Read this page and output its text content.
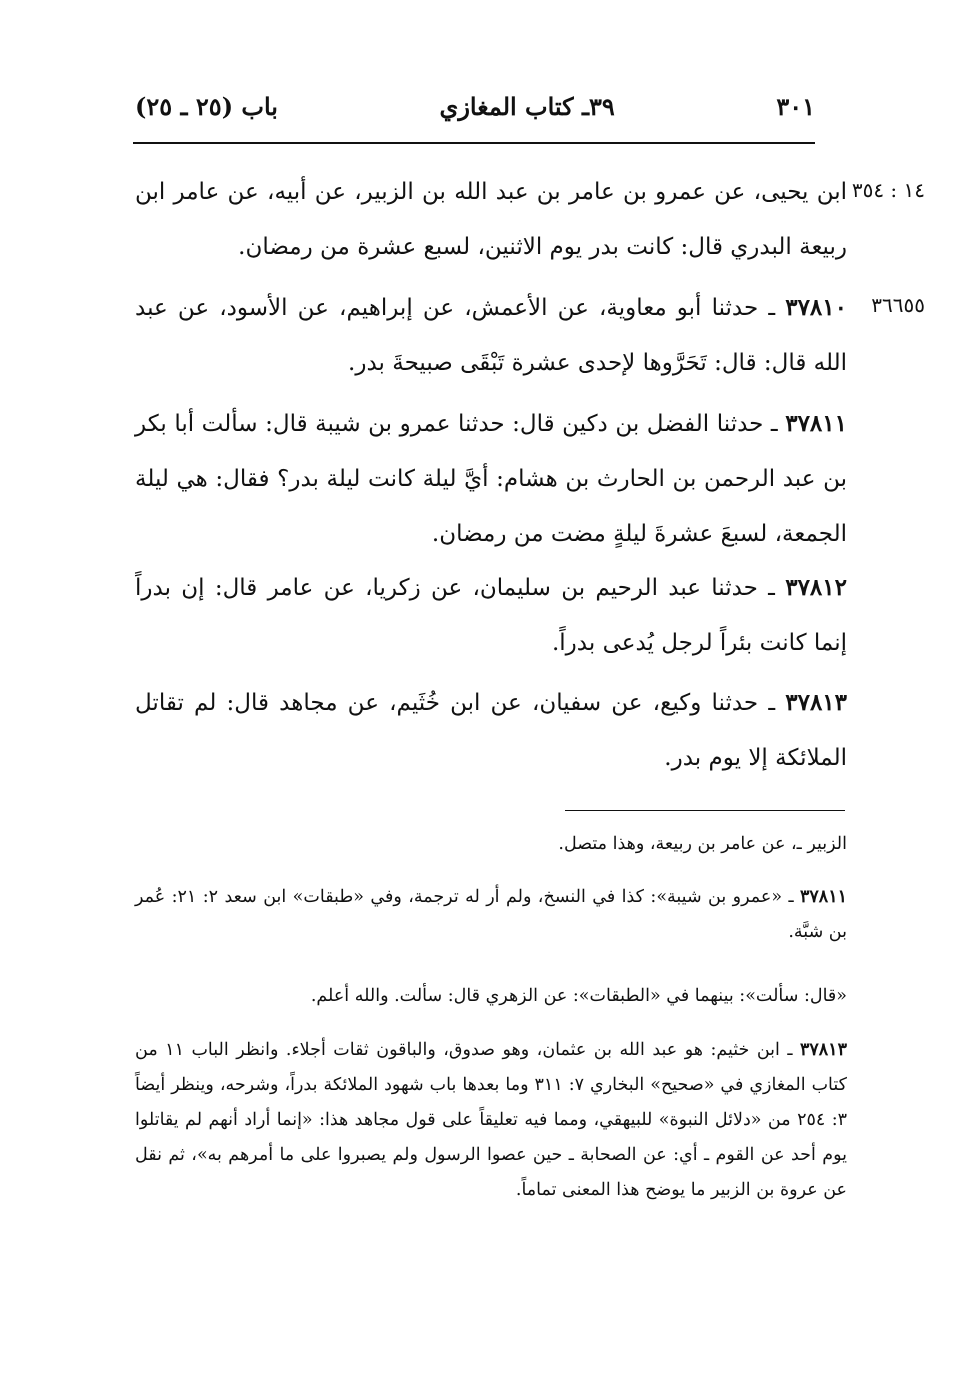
٣٠١
٣٩ـ كتاب المغازي
باب (٢٥ ـ ٢٥)
١٤ : ٣٥٤
٣٦٦٥٥
ابن يحيى، عن عمرو بن عامر بن عبد الله بن الزبير، عن أبيه، عن عامر ابن ربيعة البدري قال: كانت بدر يوم الاثنين، لسبع عشرة من رمضان.
٣٧٨١٠ ـ حدثنا أبو معاوية، عن الأعمش، عن إبراهيم، عن الأسود، عن عبد الله قال: قال: تَحَرَّوها لإحدى عشرة تَبْقَى صبيحةَ بدر.
٣٧٨١١ ـ حدثنا الفضل بن دكين قال: حدثنا عمرو بن شيبة قال: سألت أبا بكر بن عبد الرحمن بن الحارث بن هشام: أيَّ ليلة كانت ليلة بدر؟ فقال: هي ليلة الجمعة، لسبعَ عشرةَ ليلةٍ مضت من رمضان.
٣٧٨١٢ ـ حدثنا عبد الرحيم بن سليمان، عن زكريا، عن عامر قال: إن بدراً إنما كانت بئراً لرجل يُدعى بدراً.
٣٧٨١٣ ـ حدثنا وكيع، عن سفيان، عن ابن خُثَيم، عن مجاهد قال: لم تقاتل الملائكة إلا يوم بدر.
الزبير ـ، عن عامر بن ربيعة، وهذا متصل.
٣٧٨١١ ـ «عمرو بن شيبة»: كذا في النسخ، ولم أر له ترجمة، وفي «طبقات» ابن سعد ٢: ٢١: عُمر بن شبَّة.
«قال: سألت»: بينهما في «الطبقات»: عن الزهري قال: سألت. والله أعلم.
٣٧٨١٣ ـ ابن خثيم: هو عبد الله بن عثمان، وهو صدوق، والباقون ثقات أجلاء. وانظر الباب ١١ من كتاب المغازي في «صحيح» البخاري ٧: ٣١١ وما بعدها باب شهود الملائكة بدراً، وشرحه، وينظر أيضاً ٣: ٢٥٤ من «دلائل النبوة» للبيهقي، ومما فيه تعليقاً على قول مجاهد هذا: «إنما أراد أنهم لم يقاتلوا يوم أحد عن القوم ـ أي: عن الصحابة ـ حين عصوا الرسول ولم يصبروا على ما أمرهم به»، ثم نقل عن عروة بن الزبير ما يوضح هذا المعنى تماماً.
